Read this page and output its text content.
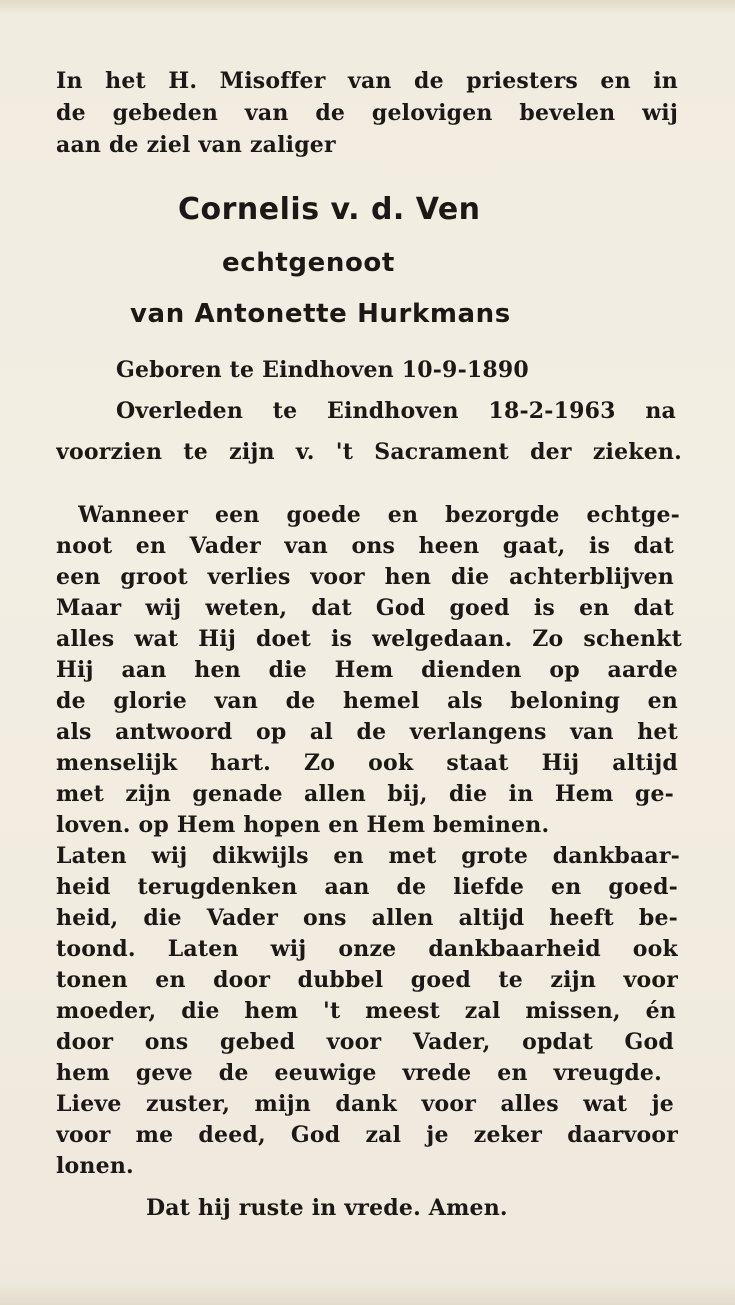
In het H. Misoffer van de priesters en in
de gebeden van de gelovigen bevelen wij
aan de ziel van zaliger
Cornelis v. d. Ven
echtgenoot
van Antonette Hurkmans
Geboren te Eindhoven 10-9-1890
Overleden te Eindhoven 18-2-1963 na
voorzien te zijn v. 't Sacrament der zieken.
Wanneer een goede en bezorgde echtge-
noot en Vader van ons heen gaat, is dat
een groot verlies voor hen die achterblijven
Maar wij weten, dat God goed is en dat
alles wat Hij doet is welgedaan. Zo schenkt
Hij aan hen die Hem dienden op aarde
de glorie van de hemel als beloning en
als antwoord op al de verlangens van het
menselijk hart. Zo ook staat Hij altijd
met zijn genade allen bij, die in Hem ge-
loven. op Hem hopen en Hem beminen.
Laten wij dikwijls en met grote dankbaar-
heid terugdenken aan de liefde en goed-
heid, die Vader ons allen altijd heeft be-
toond. Laten wij onze dankbaarheid ook
tonen en door dubbel goed te zijn voor
moeder, die hem 't meest zal missen, én
door ons gebed voor Vader, opdat God
hem geve de eeuwige vrede en vreugde.
Lieve zuster, mijn dank voor alles wat je
voor me deed, God zal je zeker daarvoor
lonen.
Dat hij ruste in vrede. Amen.
